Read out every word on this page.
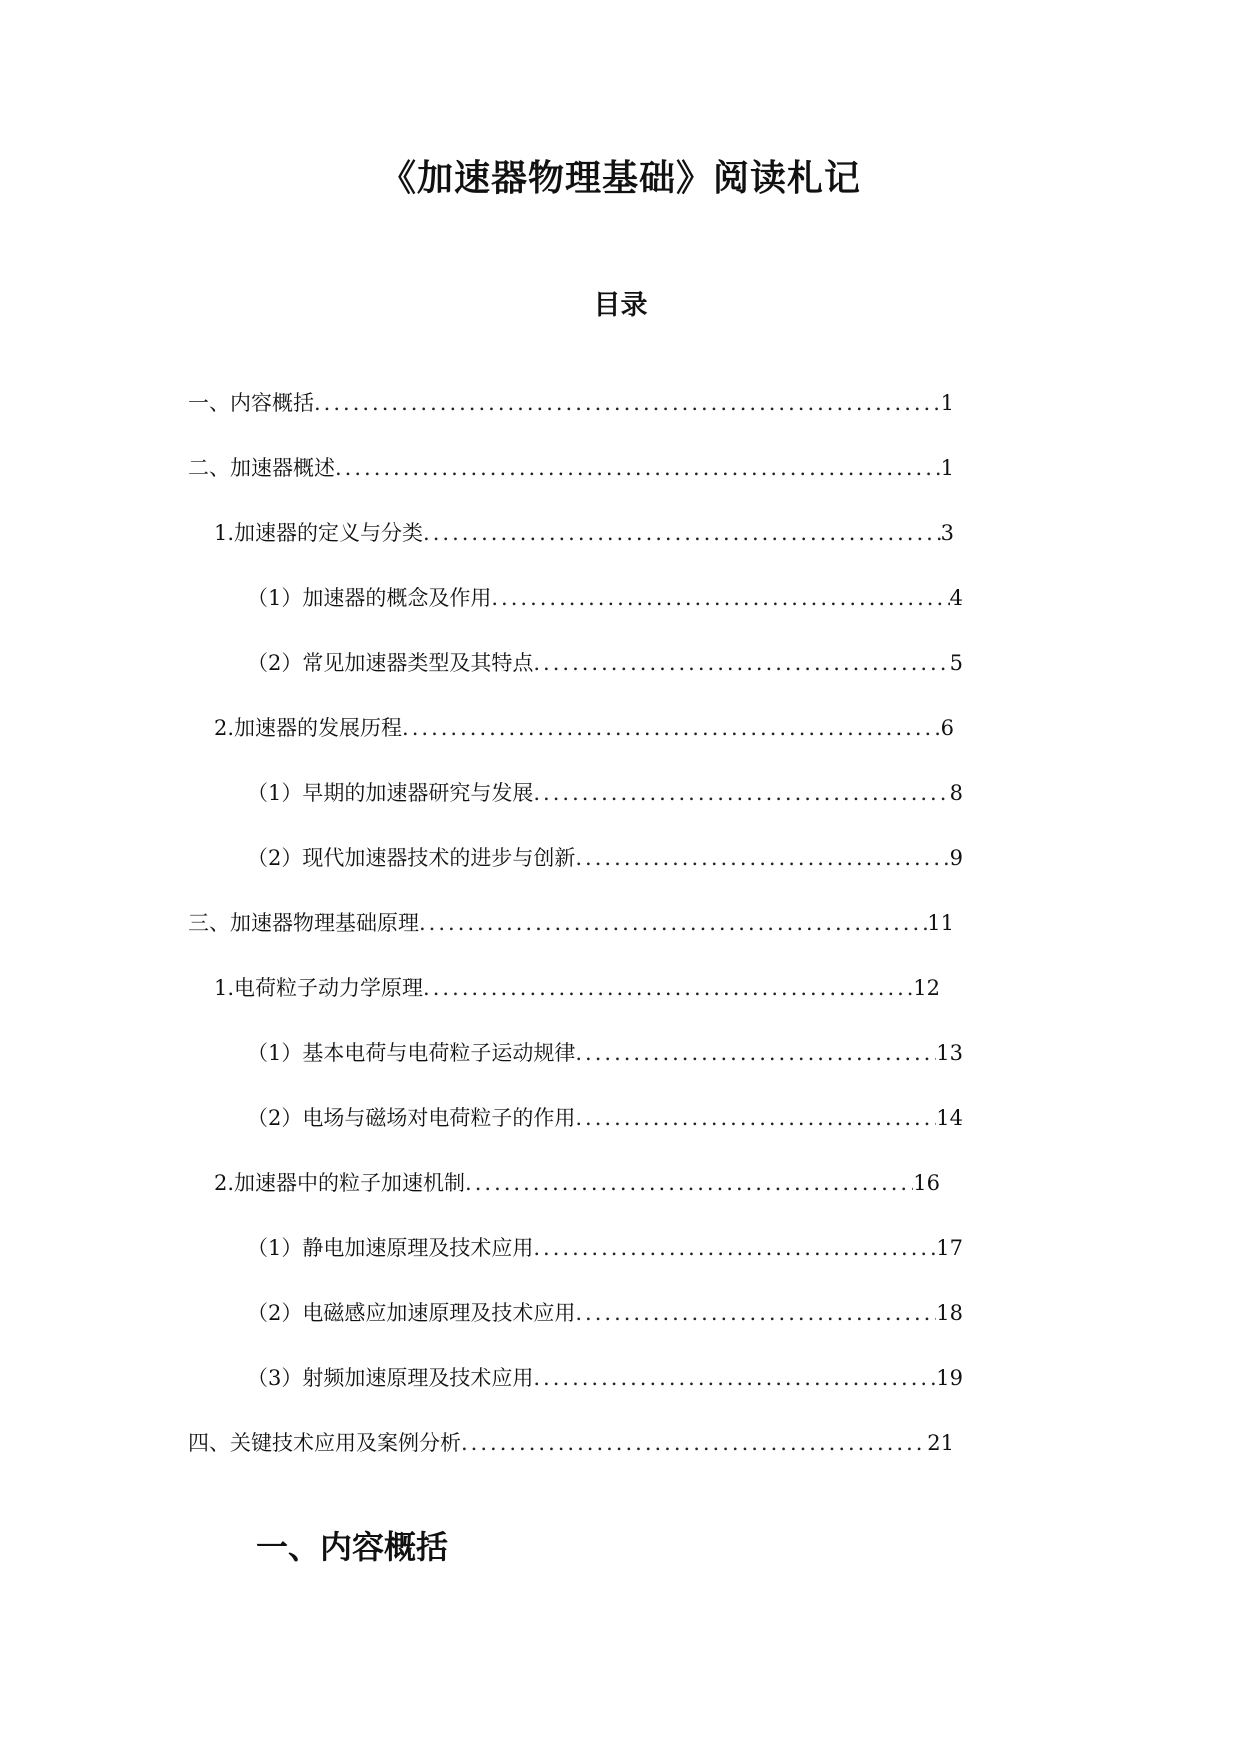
《加速器物理基础》阅读札记
目录
一、内容概括 .....	1
二、加速器概述 .....	1
1. 加速器的定义与分类 .....	3
（1）加速器的概念及作用 .....	4
（2）常见加速器类型及其特点 .....	5
2. 加速器的发展历程 .....	6
（1）早期的加速器研究与发展 .....	8
（2）现代加速器技术的进步与创新 .....	9
三、加速器物理基础原理 .....	11
1. 电荷粒子动力学原理 .....	12
（1）基本电荷与电荷粒子运动规律 .....	13
（2）电场与磁场对电荷粒子的作用 .....	14
2. 加速器中的粒子加速机制 .....	16
（1）静电加速原理及技术应用 .....	17
（2）电磁感应加速原理及技术应用 .....	18
（3）射频加速原理及技术应用 .....	19
四、关键技术应用及案例分析 .....	21
一、内容概括
